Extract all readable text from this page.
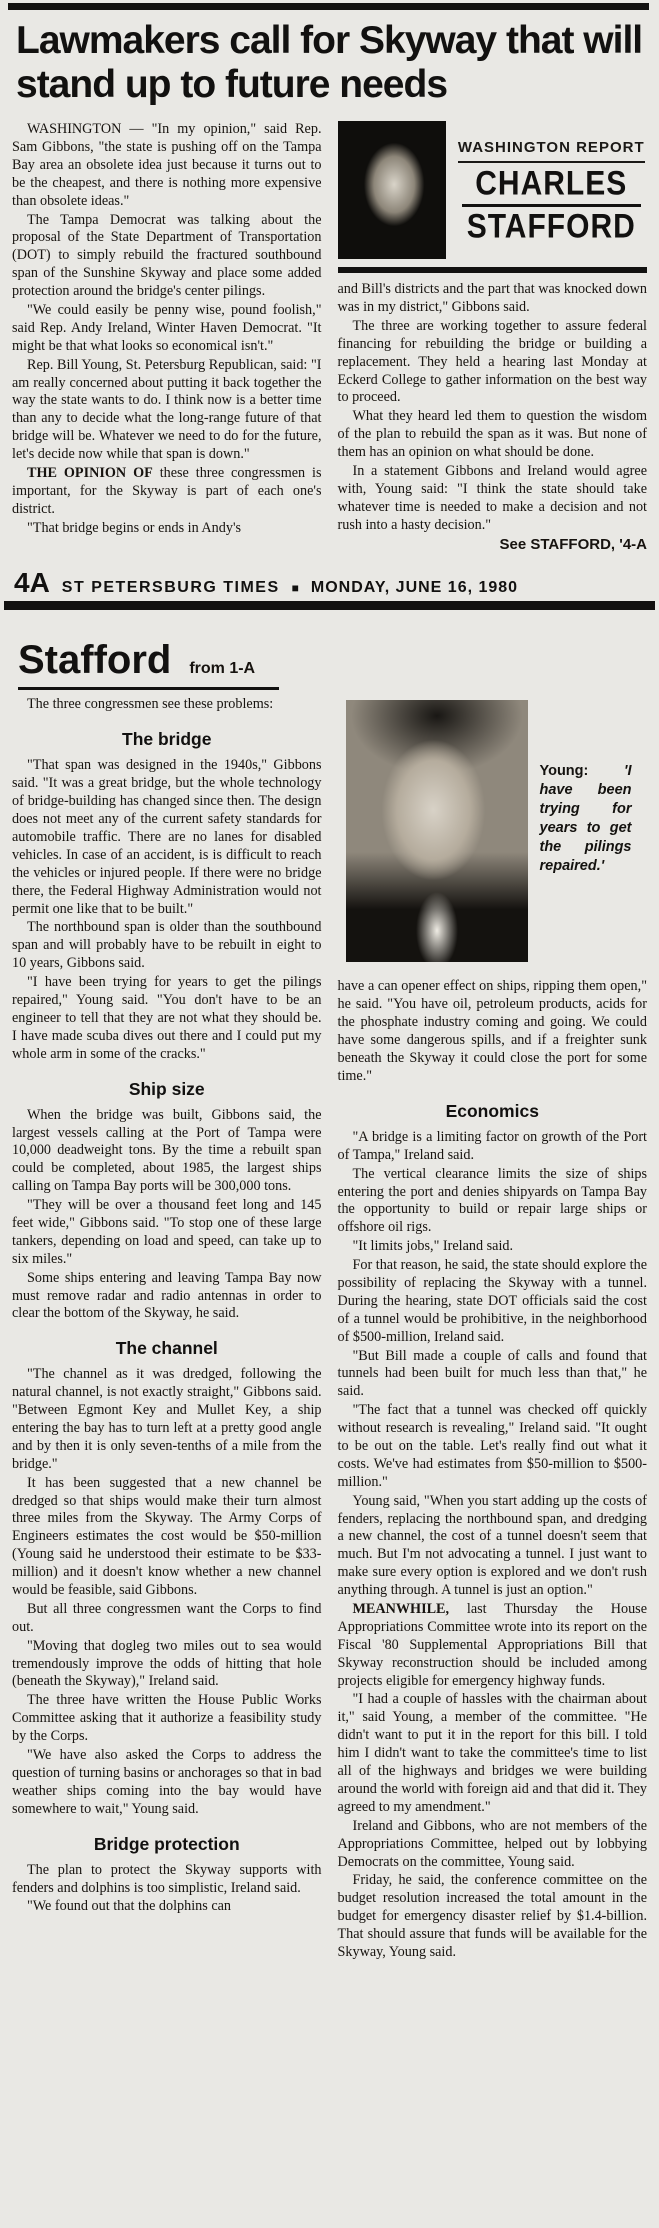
Lawmakers call for Skyway that will stand up to future needs

WASHINGTON — "In my opinion," said Rep. Sam Gibbons, "the state is pushing off on the Tampa Bay area an obsolete idea just because it turns out to be the cheapest, and there is nothing more expensive than obsolete ideas."

The Tampa Democrat was talking about the proposal of the State Department of Transportation (DOT) to simply rebuild the fractured southbound span of the Sunshine Skyway and place some added protection around the bridge's center pilings.

"We could easily be penny wise, pound foolish," said Rep. Andy Ireland, Winter Haven Democrat. "It might be that what looks so economical isn't."

Rep. Bill Young, St. Petersburg Republican, said: "I am really concerned about putting it back together the way the state wants to do. I think now is a better time than any to decide what the long-range future of that bridge will be. Whatever we need to do for the future, let's decide now while that span is down."

THE OPINION OF these three congressmen is important, for the Skyway is part of each one's district.

"That bridge begins or ends in Andy's

WASHINGTON REPORT
CHARLES
STAFFORD

and Bill's districts and the part that was knocked down was in my district," Gibbons said.

The three are working together to assure federal financing for rebuilding the bridge or building a replacement. They held a hearing last Monday at Eckerd College to gather information on the best way to proceed.

What they heard led them to question the wisdom of the plan to rebuild the span as it was. But none of them has an opinion on what should be done.

In a statement Gibbons and Ireland would agree with, Young said: "I think the state should take whatever time is needed to make a decision and not rush into a hasty decision."

See STAFFORD, '4-A

4A ST PETERSBURG TIMES ■ MONDAY, JUNE 16, 1980
Stafford from 1-A

The three congressmen see these problems:

The bridge

"That span was designed in the 1940s," Gibbons said. "It was a great bridge, but the whole technology of bridge-building has changed since then. The design does not meet any of the current safety standards for automobile traffic. There are no lanes for disabled vehicles. In case of an accident, is is difficult to reach the vehicles or injured people. If there were no bridge there, the Federal Highway Administration would not permit one like that to be built."

The northbound span is older than the southbound span and will probably have to be rebuilt in eight to 10 years, Gibbons said.

"I have been trying for years to get the pilings repaired," Young said. "You don't have to be an engineer to tell that they are not what they should be. I have made scuba dives out there and I could put my whole arm in some of the cracks."

Ship size

When the bridge was built, Gibbons said, the largest vessels calling at the Port of Tampa were 10,000 deadweight tons. By the time a rebuilt span could be completed, about 1985, the largest ships calling on Tampa Bay ports will be 300,000 tons.

"They will be over a thousand feet long and 145 feet wide," Gibbons said. "To stop one of these large tankers, depending on load and speed, can take up to six miles."

Some ships entering and leaving Tampa Bay now must remove radar and radio antennas in order to clear the bottom of the Skyway, he said.

The channel

"The channel as it was dredged, following the natural channel, is not exactly straight," Gibbons said. "Between Egmont Key and Mullet Key, a ship entering the bay has to turn left at a pretty good angle and by then it is only seven-tenths of a mile from the bridge."

It has been suggested that a new channel be dredged so that ships would make their turn almost three miles from the Skyway. The Army Corps of Engineers estimates the cost would be $50-million (Young said he understood their estimate to be $33-million) and it doesn't know whether a new channel would be feasible, said Gibbons.

But all three congressmen want the Corps to find out.

"Moving that dogleg two miles out to sea would tremendously improve the odds of hitting that hole (beneath the Skyway)," Ireland said.

The three have written the House Public Works Committee asking that it authorize a feasibility study by the Corps.

"We have also asked the Corps to address the question of turning basins or anchorages so that in bad weather ships coming into the bay would have somewhere to wait," Young said.

Bridge protection

The plan to protect the Skyway supports with fenders and dolphins is too simplistic, Ireland said.

"We found out that the dolphins can

Young: 'I have been trying for years to get the pilings repaired.'

have a can opener effect on ships, ripping them open," he said. "You have oil, petroleum products, acids for the phosphate industry coming and going. We could have some dangerous spills, and if a freighter sunk beneath the Skyway it could close the port for some time."

Economics

"A bridge is a limiting factor on growth of the Port of Tampa," Ireland said.

The vertical clearance limits the size of ships entering the port and denies shipyards on Tampa Bay the opportunity to build or repair large ships or offshore oil rigs.

"It limits jobs," Ireland said.

For that reason, he said, the state should explore the possibility of replacing the Skyway with a tunnel. During the hearing, state DOT officials said the cost of a tunnel would be prohibitive, in the neighborhood of $500-million, Ireland said.

"But Bill made a couple of calls and found that tunnels had been built for much less than that," he said.

"The fact that a tunnel was checked off quickly without research is revealing," Ireland said. "It ought to be out on the table. Let's really find out what it costs. We've had estimates from $50-million to $500-million."

Young said, "When you start adding up the costs of fenders, replacing the northbound span, and dredging a new channel, the cost of a tunnel doesn't seem that much. But I'm not advocating a tunnel. I just want to make sure every option is explored and we don't rush anything through. A tunnel is just an option."

MEANWHILE, last Thursday the House Appropriations Committee wrote into its report on the Fiscal '80 Supplemental Appropriations Bill that Skyway reconstruction should be included among projects eligible for emergency highway funds.

"I had a couple of hassles with the chairman about it," said Young, a member of the committee. "He didn't want to put it in the report for this bill. I told him I didn't want to take the committee's time to list all of the highways and bridges we were building around the world with foreign aid and that did it. They agreed to my amendment."

Ireland and Gibbons, who are not members of the Appropriations Committee, helped out by lobbying Democrats on the committee, Young said.

Friday, he said, the conference committee on the budget resolution increased the total amount in the budget for emergency disaster relief by $1.4-billion. That should assure that funds will be available for the Skyway, Young said.
